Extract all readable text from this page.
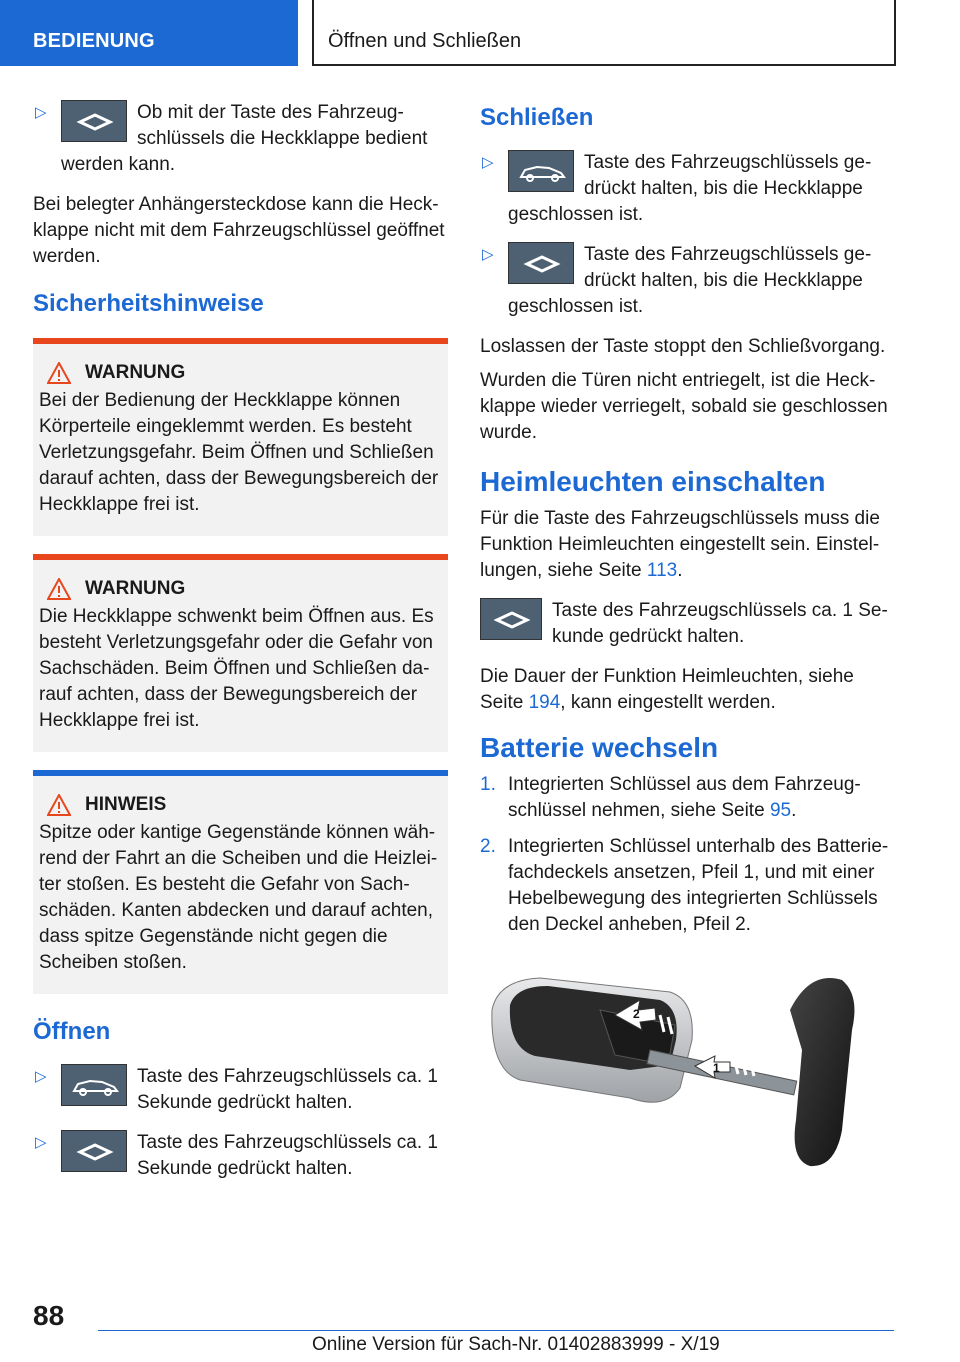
BEDIENUNG	Öffnen und Schließen
▷	Ob mit der Taste des Fahrzeugschlüssels die Heckklappe bedient werden kann.

Bei belegter Anhängersteckdose kann die Heckklappe nicht mit dem Fahrzeugschlüssel geöffnet werden.

Sicherheitshinweise
WARNUNG
Bei der Bedienung der Heckklappe können Körperteile eingeklemmt werden. Es besteht Verletzungsgefahr. Beim Öffnen und Schließen darauf achten, dass der Bewegungsbereich der Heckklappe frei ist.
WARNUNG
Die Heckklappe schwenkt beim Öffnen aus. Es besteht Verletzungsgefahr oder die Gefahr von Sachschäden. Beim Öffnen und Schließen darauf achten, dass der Bewegungsbereich der Heckklappe frei ist.
HINWEIS
Spitze oder kantige Gegenstände können während der Fahrt an die Scheiben und die Heizleiter stoßen. Es besteht die Gefahr von Sachschäden. Kanten abdecken und darauf achten, dass spitze Gegenstände nicht gegen die Scheiben stoßen.
Öffnen
▷	Taste des Fahrzeugschlüssels ca. 1 Sekunde gedrückt halten.
▷	Taste des Fahrzeugschlüssels ca. 1 Sekunde gedrückt halten.
Schließen
▷	Taste des Fahrzeugschlüssels gedrückt halten, bis die Heckklappe geschlossen ist.
▷	Taste des Fahrzeugschlüssels gedrückt halten, bis die Heckklappe geschlossen ist.

Loslassen der Taste stoppt den Schließvorgang.

Wurden die Türen nicht entriegelt, ist die Heckklappe wieder verriegelt, sobald sie geschlossen wurde.

Heimleuchten einschalten

Für die Taste des Fahrzeugschlüssels muss die Funktion Heimleuchten eingestellt sein. Einstellungen, siehe Seite 113.

Taste des Fahrzeugschlüssels ca. 1 Sekunde gedrückt halten.

Die Dauer der Funktion Heimleuchten, siehe Seite 194, kann eingestellt werden.

Batterie wechseln
1. Integrierten Schlüssel aus dem Fahrzeugschlüssel nehmen, siehe Seite 95.
2. Integrierten Schlüssel unterhalb des Batteriefachdeckels ansetzen, Pfeil 1, und mit einer Hebelbewegung des integrierten Schlüssels den Deckel anheben, Pfeil 2.
2
1
88
Online Version für Sach-Nr. 01402883999 - X/19
